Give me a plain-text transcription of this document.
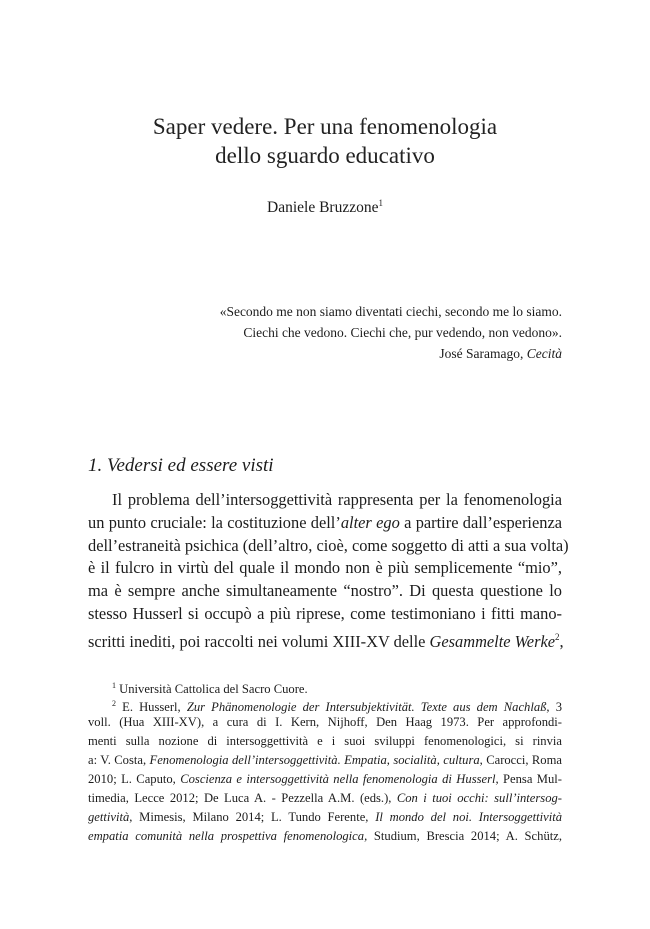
Saper vedere. Per una fenomenologia
dello sguardo educativo
Daniele Bruzzone$^1$
«Secondo me non siamo diventati ciechi, secondo me lo siamo.
Ciechi che vedono. Ciechi che, pur vedendo, non vedono».
José Saramago, Cecità
1. Vedersi ed essere visti
Il problema dell’intersoggettività rappresenta per la fenomenologia
un punto cruciale: la costituzione dell’alter ego a partire dall’esperienza
dell’estraneità psichica (dell’altro, cioè, come soggetto di atti a sua volta)
è il fulcro in virtù del quale il mondo non è più semplicemente “mio”,
ma è sempre anche simultaneamente “nostro”. Di questa questione lo
stesso Husserl si occupò a più riprese, come testimoniano i fitti mano-
scritti inediti, poi raccolti nei volumi XIII-XV delle Gesammelte Werke$^2$,
$^1$ Università Cattolica del Sacro Cuore.
$^2$ E. Husserl, Zur Phänomenologie der Intersubjektivität. Texte aus dem Nachlaß, 3
voll. (Hua XIII-XV), a cura di I. Kern, Nijhoff, Den Haag 1973. Per approfondi-
menti sulla nozione di intersoggettività e i suoi sviluppi fenomenologici, si rinvia
a: V. Costa, Fenomenologia dell’intersoggettività. Empatia, socialità, cultura, Carocci, Roma
2010; L. Caputo, Coscienza e intersoggettività nella fenomenologia di Husserl, Pensa Mul-
timedia, Lecce 2012; De Luca A. - Pezzella A.M. (eds.), Con i tuoi occhi: sull’intersog-
gettività, Mimesis, Milano 2014; L. Tundo Ferente, Il mondo del noi. Intersoggettività
empatia comunità nella prospettiva fenomenologica, Studium, Brescia 2014; A. Schütz,
